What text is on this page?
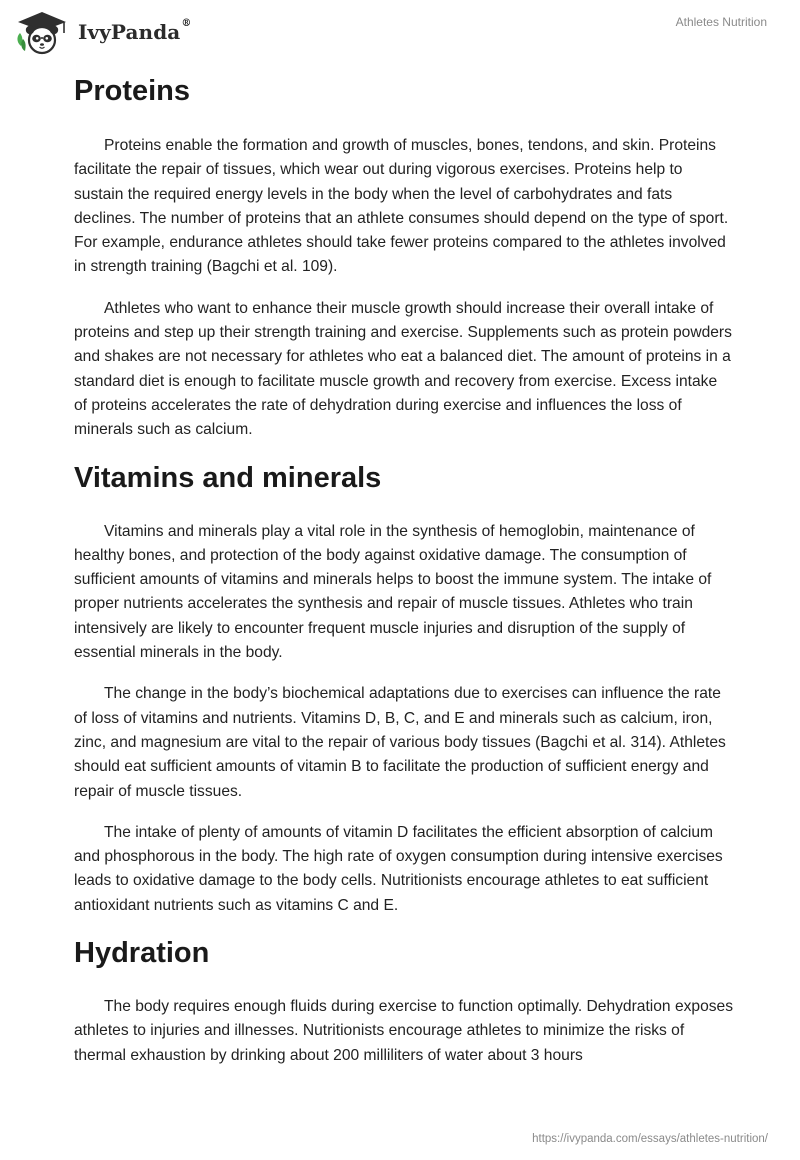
IvyPanda®	Athletes Nutrition
Proteins

Proteins enable the formation and growth of muscles, bones, tendons, and skin. Proteins facilitate the repair of tissues, which wear out during vigorous exercises. Proteins help to sustain the required energy levels in the body when the level of carbohydrates and fats declines. The number of proteins that an athlete consumes should depend on the type of sport. For example, endurance athletes should take fewer proteins compared to the athletes involved in strength training (Bagchi et al. 109).

Athletes who want to enhance their muscle growth should increase their overall intake of proteins and step up their strength training and exercise. Supplements such as protein powders and shakes are not necessary for athletes who eat a balanced diet. The amount of proteins in a standard diet is enough to facilitate muscle growth and recovery from exercise. Excess intake of proteins accelerates the rate of dehydration during exercise and influences the loss of minerals such as calcium.

Vitamins and minerals

Vitamins and minerals play a vital role in the synthesis of hemoglobin, maintenance of healthy bones, and protection of the body against oxidative damage. The consumption of sufficient amounts of vitamins and minerals helps to boost the immune system. The intake of proper nutrients accelerates the synthesis and repair of muscle tissues. Athletes who train intensively are likely to encounter frequent muscle injuries and disruption of the supply of essential minerals in the body.

The change in the body’s biochemical adaptations due to exercises can influence the rate of loss of vitamins and nutrients. Vitamins D, B, C, and E and minerals such as calcium, iron, zinc, and magnesium are vital to the repair of various body tissues (Bagchi et al. 314). Athletes should eat sufficient amounts of vitamin B to facilitate the production of sufficient energy and repair of muscle tissues.

The intake of plenty of amounts of vitamin D facilitates the efficient absorption of calcium and phosphorous in the body. The high rate of oxygen consumption during intensive exercises leads to oxidative damage to the body cells. Nutritionists encourage athletes to eat sufficient antioxidant nutrients such as vitamins C and E.

Hydration

The body requires enough fluids during exercise to function optimally. Dehydration exposes athletes to injuries and illnesses. Nutritionists encourage athletes to minimize the risks of thermal exhaustion by drinking about 200 milliliters of water about 3 hours

https://ivypanda.com/essays/athletes-nutrition/
